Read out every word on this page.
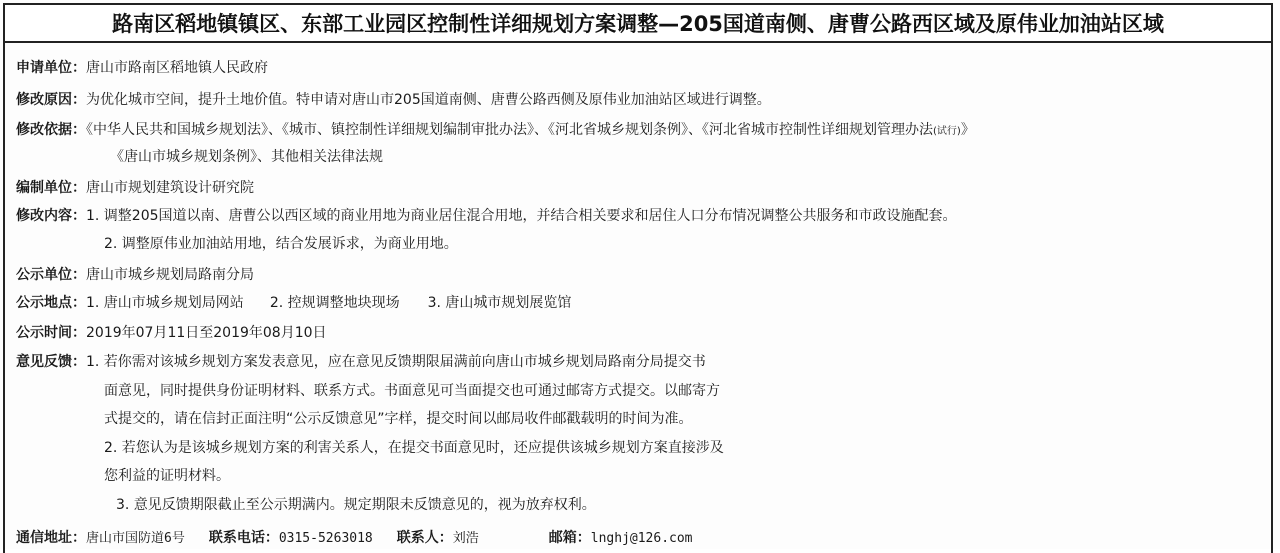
路南区稻地镇镇区、东部工业园区控制性详细规划方案调整—205国道南侧、唐曹公路西区域及原伟业加油站区域
申请单位：唐山市路南区稻地镇人民政府
修改原因：为优化城市空间，提升土地价值。特申请对唐山市205国道南侧、唐曹公路西侧及原伟业加油站区域进行调整。
修改依据：《中华人民共和国城乡规划法》、《城市、镇控制性详细规划编制审批办法》、《河北省城乡规划条例》、《河北省城市控制性详细规划管理办法(试行)》
《唐山市城乡规划条例》、其他相关法律法规
编制单位：唐山市规划建筑设计研究院
修改内容：1. 调整205国道以南、唐曹公以西区域的商业用地为商业居住混合用地，并结合相关要求和居住人口分布情况调整公共服务和市政设施配套。
2. 调整原伟业加油站用地，结合发展诉求，为商业用地。
公示单位：唐山市城乡规划局路南分局
公示地点：1. 唐山市城乡规划局网站 2. 控规调整地块现场 3. 唐山城市规划展览馆
公示时间：2019年07月11日至2019年08月10日
意见反馈：1. 若你需对该城乡规划方案发表意见，应在意见反馈期限届满前向唐山市城乡规划局路南分局提交书
面意见，同时提供身份证明材料、联系方式。书面意见可当面提交也可通过邮寄方式提交。以邮寄方
式提交的，请在信封正面注明“公示反馈意见”字样，提交时间以邮局收件邮戳载明的时间为准。
2. 若您认为是该城乡规划方案的利害关系人，在提交书面意见时，还应提供该城乡规划方案直接涉及
您利益的证明材料。
3. 意见反馈期限截止至公示期满内。规定期限未反馈意见的，视为放弃权利。
通信地址：唐山市国防道6号 联系电话：0315-5263018 联系人：刘浩	邮箱：lnghj@126.com
